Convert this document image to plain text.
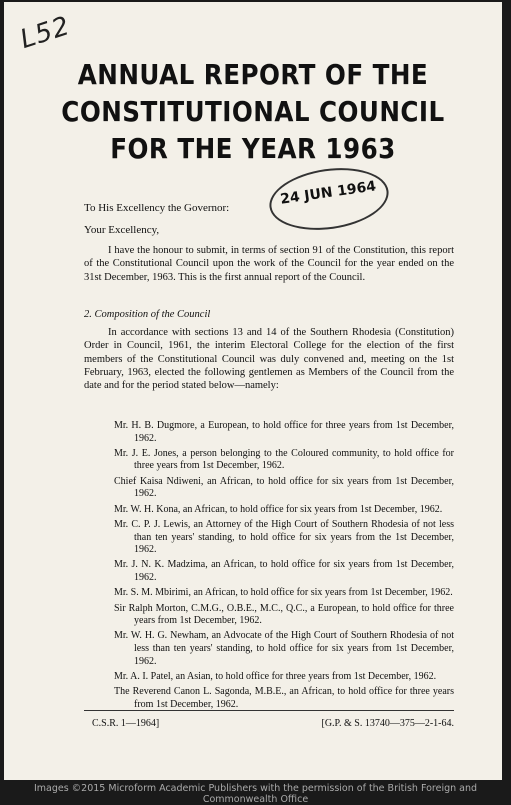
L52
ANNUAL REPORT OF THE
CONSTITUTIONAL COUNCIL
FOR THE YEAR 1963
24 JUN 1964

To His Excellency the Governor:

Your Excellency,

I have the honour to submit, in terms of section 91 of the Constitution, this report of the Constitutional Council upon the work of the Council for the year ended on the 31st December, 1963. This is the first annual report of the Council.

2. Composition of the Council

In accordance with sections 13 and 14 of the Southern Rhodesia (Constitution) Order in Council, 1961, the interim Electoral College for the election of the first members of the Constitutional Council was duly convened and, meeting on the 1st February, 1963, elected the following gentlemen as Members of the Council from the date and for the period stated below—namely:

Mr. H. B. Dugmore, a European, to hold office for three years from 1st December, 1962.

Mr. J. E. Jones, a person belonging to the Coloured community, to hold office for three years from 1st December, 1962.

Chief Kaisa Ndiweni, an African, to hold office for six years from 1st December, 1962.

Mr. W. H. Kona, an African, to hold office for six years from 1st December, 1962.

Mr. C. P. J. Lewis, an Attorney of the High Court of Southern Rhodesia of not less than ten years' standing, to hold office for six years from the 1st December, 1962.

Mr. J. N. K. Madzima, an African, to hold office for six years from 1st December, 1962.

Mr. S. M. Mbirimi, an African, to hold office for six years from 1st December, 1962.

Sir Ralph Morton, C.M.G., O.B.E., M.C., Q.C., a European, to hold office for three years from 1st December, 1962.

Mr. W. H. G. Newham, an Advocate of the High Court of Southern Rhodesia of not less than ten years' standing, to hold office for six years from 1st December, 1962.

Mr. A. I. Patel, an Asian, to hold office for three years from 1st December, 1962.

The Reverend Canon L. Sagonda, M.B.E., an African, to hold office for three years from 1st December, 1962.

C.S.R. 1—1964]	[G.P. & S. 13740—375—2-1-64.
Images ©2015 Microform Academic Publishers with the permission of the British Foreign and Commonwealth Office
